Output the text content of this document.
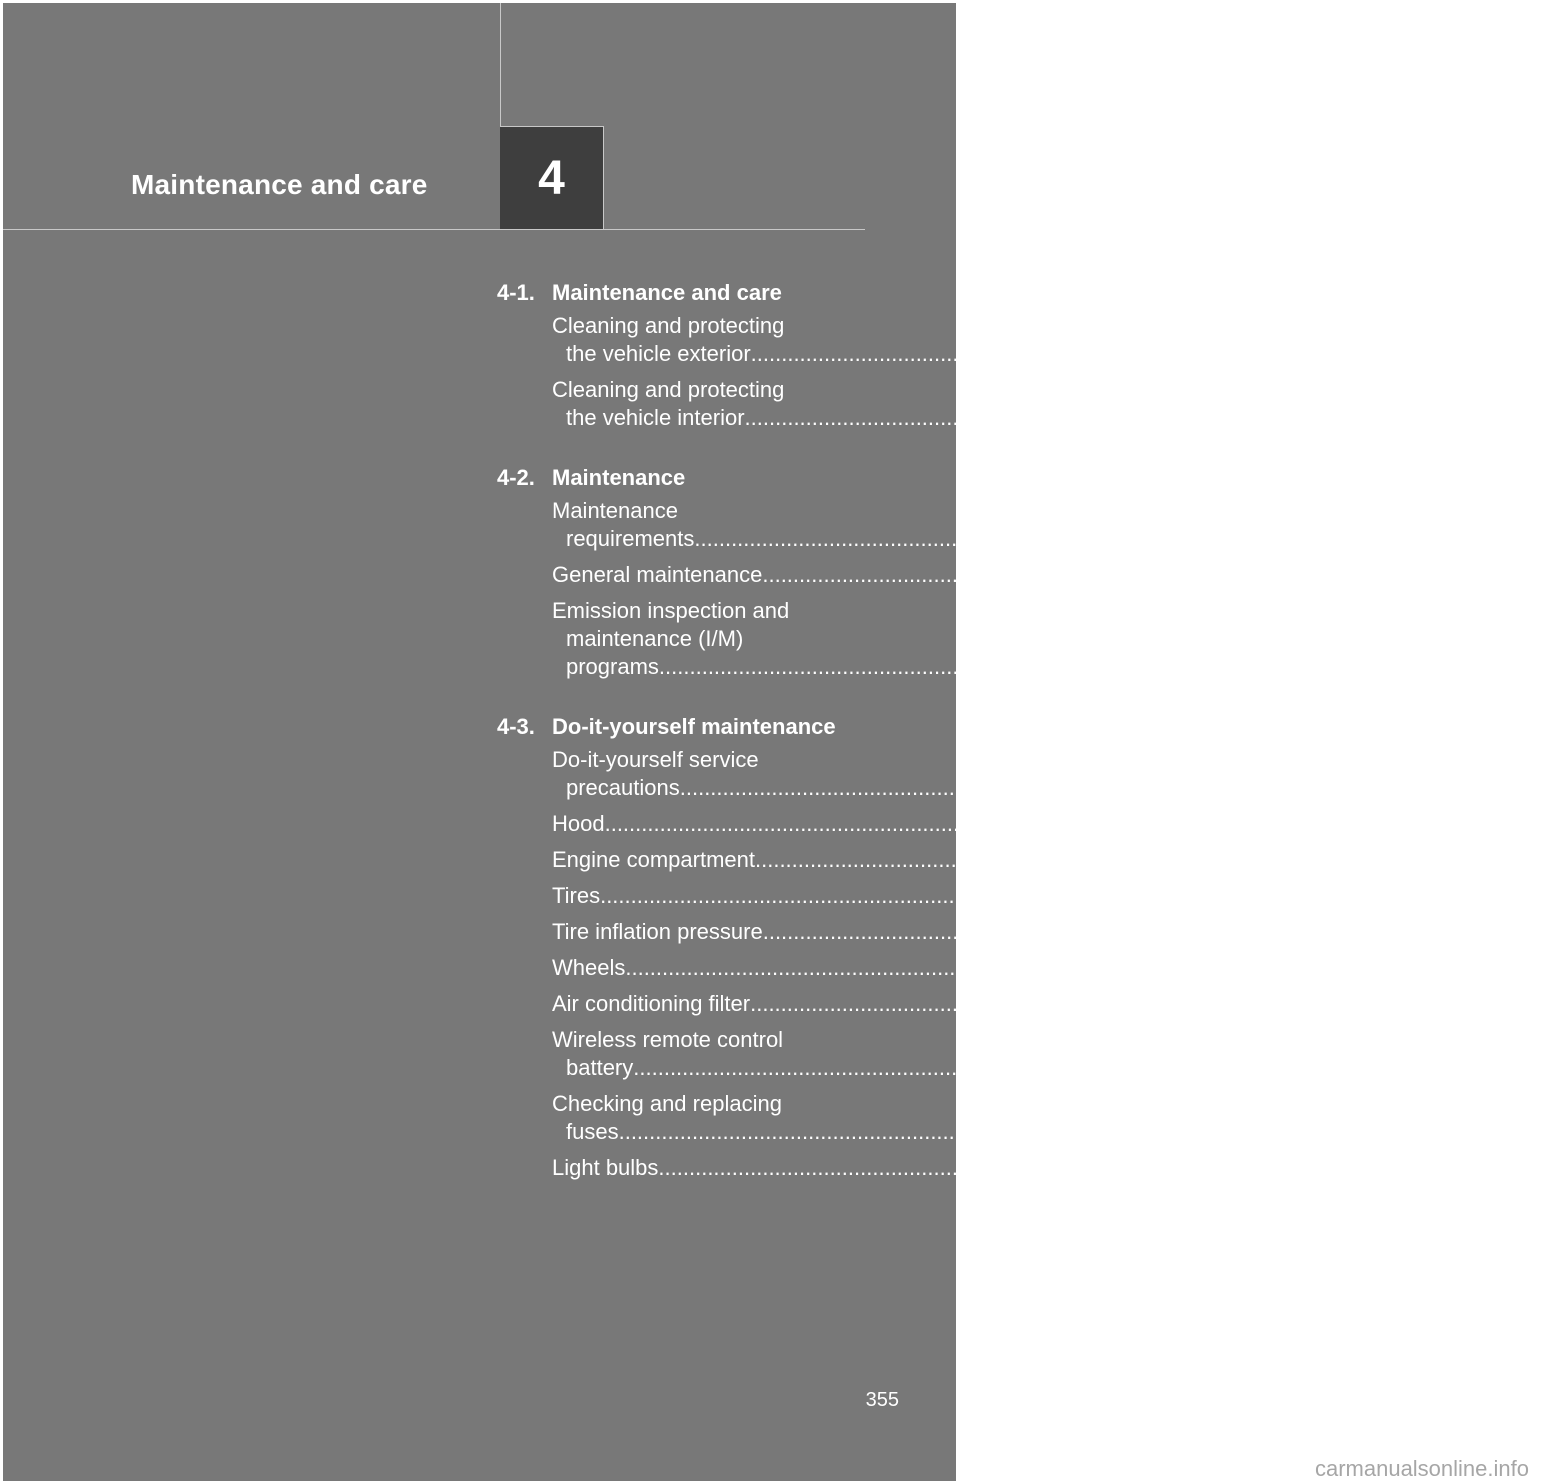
Maintenance and care	4
4-1. Maintenance and care
Cleaning and protecting
the vehicle exterior ........................................................................................................................ 356
Cleaning and protecting
the vehicle interior ........................................................................................................................ 359
4-2. Maintenance
Maintenance
requirements ........................................................................................................................ 362
General maintenance ........................................................................................................................ 364
Emission inspection and
maintenance (I/M)
programs ........................................................................................................................ 367
4-3. Do-it-yourself maintenance
Do-it-yourself service
precautions ........................................................................................................................ 368
Hood ........................................................................................................................ 372
Engine compartment ........................................................................................................................ 373
Tires ........................................................................................................................ 389
Tire inflation pressure ........................................................................................................................ 395
Wheels ........................................................................................................................ 398
Air conditioning filter ........................................................................................................................ 400
Wireless remote control
battery ........................................................................................................................ 402
Checking and replacing
fuses ........................................................................................................................ 404
Light bulbs ........................................................................................................................ 415
355
carmanualsonline.info
